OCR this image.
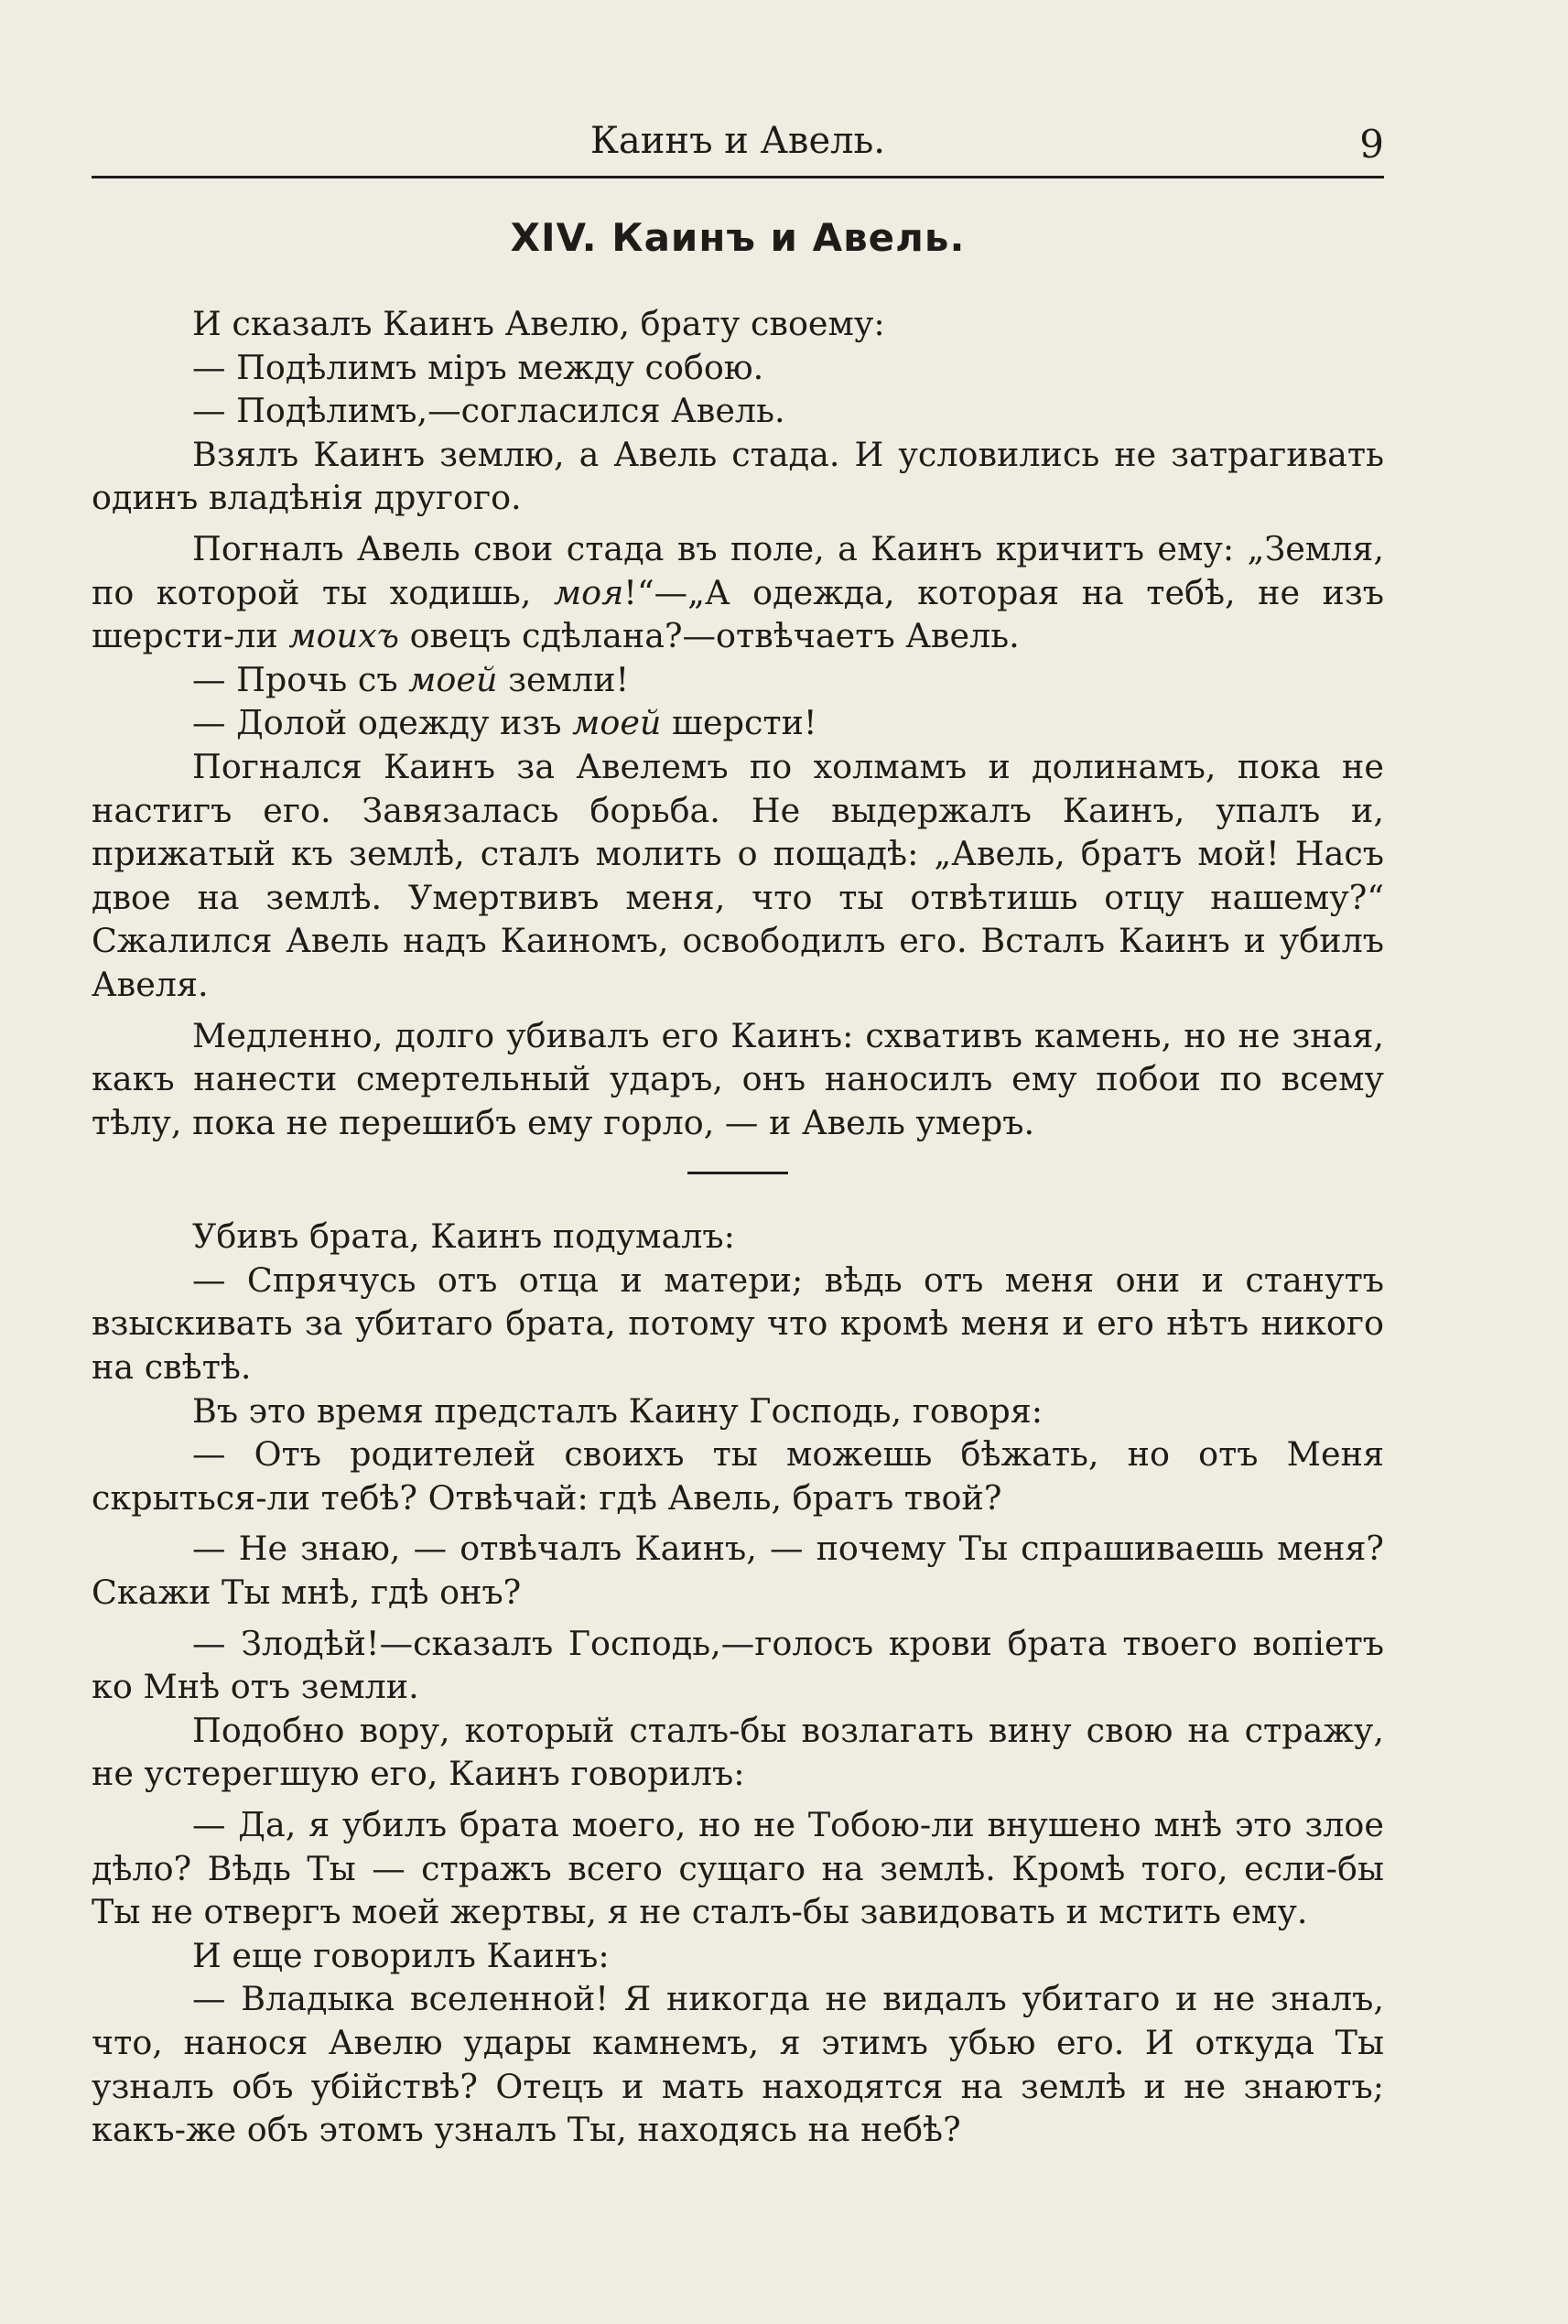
Каинъ и Авель.	9
XIV. Каинъ и Авель.

И сказалъ Каинъ Авелю, брату своему:

— Подѣлимъ міръ между собою.

— Подѣлимъ,—согласился Авель.

Взялъ Каинъ землю, а Авель стада. И условились не затрагивать одинъ владѣнія другого.

Погналъ Авель свои стада въ поле, а Каинъ кричитъ ему: „Земля, по которой ты ходишь, моя!“—„А одежда, которая на тебѣ, не изъ шерсти-ли моихъ овецъ сдѣлана?—отвѣчаетъ Авель.

— Прочь съ моей земли!

— Долой одежду изъ моей шерсти!

Погнался Каинъ за Авелемъ по холмамъ и долинамъ, пока не настигъ его. Завязалась борьба. Не выдержалъ Каинъ, упалъ и, прижатый къ землѣ, сталъ молить о пощадѣ: „Авель, братъ мой! Насъ двое на землѣ. Умертвивъ меня, что ты отвѣтишь отцу нашему?“ Сжалился Авель надъ Каиномъ, освободилъ его. Всталъ Каинъ и убилъ Авеля.

Медленно, долго убивалъ его Каинъ: схвативъ камень, но не зная, какъ нанести смертельный ударъ, онъ наносилъ ему побои по всему тѣлу, пока не перешибъ ему горло, — и Авель умеръ.

Убивъ брата, Каинъ подумалъ:

— Спрячусь отъ отца и матери; вѣдь отъ меня они и станутъ взыскивать за убитаго брата, потому что кромѣ меня и его нѣтъ никого на свѣтѣ.

Въ это время предсталъ Каину Господь, говоря:

— Отъ родителей своихъ ты можешь бѣжать, но отъ Меня скрыться-ли тебѣ? Отвѣчай: гдѣ Авель, братъ твой?

— Не знаю, — отвѣчалъ Каинъ, — почему Ты спрашиваешь меня? Скажи Ты мнѣ, гдѣ онъ?

— Злодѣй!—сказалъ Господь,—голосъ крови брата твоего вопіетъ ко Мнѣ отъ земли.

Подобно вору, который сталъ-бы возлагать вину свою на стражу, не устерегшую его, Каинъ говорилъ:

— Да, я убилъ брата моего, но не Тобою-ли внушено мнѣ это злое дѣло? Вѣдь Ты — стражъ всего сущаго на землѣ. Кромѣ того, если-бы Ты не отвергъ моей жертвы, я не сталъ-бы завидовать и мстить ему.

И еще говорилъ Каинъ:

— Владыка вселенной! Я никогда не видалъ убитаго и не зналъ, что, нанося Авелю удары камнемъ, я этимъ убью его. И откуда Ты узналъ объ убійствѣ? Отецъ и мать находятся на землѣ и не знаютъ; какъ-же объ этомъ узналъ Ты, находясь на небѣ?
